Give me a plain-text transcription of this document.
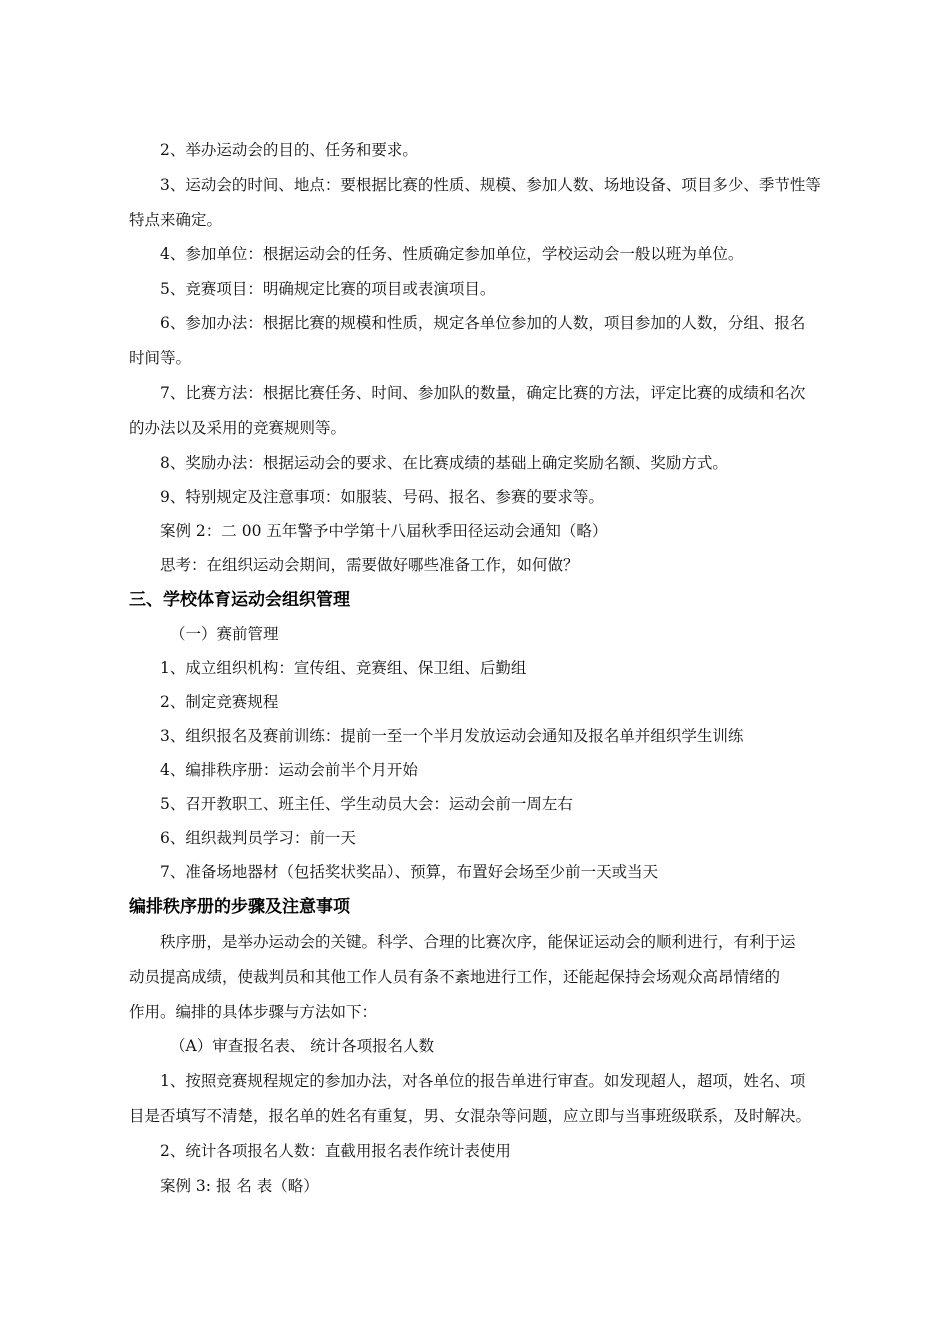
2、举办运动会的目的、任务和要求。
3、运动会的时间、地点：要根据比赛的性质、规模、参加人数、场地设备、项目多少、季节性等
特点来确定。
4、参加单位：根据运动会的任务、性质确定参加单位，学校运动会一般以班为单位。
5、竞赛项目：明确规定比赛的项目或表演项目。
6、参加办法：根据比赛的规模和性质，规定各单位参加的人数，项目参加的人数，分组、报名
时间等。
7、比赛方法：根据比赛任务、时间、参加队的数量，确定比赛的方法，评定比赛的成绩和名次
的办法以及采用的竞赛规则等。
8、奖励办法：根据运动会的要求、在比赛成绩的基础上确定奖励名额、奖励方式。
9、特别规定及注意事项：如服装、号码、报名、参赛的要求等。
案例 2：二 00 五年警予中学第十八届秋季田径运动会通知（略）
思考：在组织运动会期间，需要做好哪些准备工作，如何做？
三、学校体育运动会组织管理
（一）赛前管理
1、成立组织机构：宣传组、竞赛组、保卫组、后勤组
2、制定竞赛规程
3、组织报名及赛前训练：提前一至一个半月发放运动会通知及报名单并组织学生训练
4、编排秩序册：运动会前半个月开始
5、召开教职工、班主任、学生动员大会：运动会前一周左右
6、组织裁判员学习：前一天
7、准备场地器材（包括奖状奖品）、预算，布置好会场至少前一天或当天
编排秩序册的步骤及注意事项
秩序册，是举办运动会的关键。科学、合理的比赛次序，能保证运动会的顺利进行，有利于运
动员提高成绩，使裁判员和其他工作人员有条不紊地进行工作，还能起保持会场观众高昂情绪的
作用。编排的具体步骤与方法如下：
（A）审查报名表、 统计各项报名人数
1、按照竞赛规程规定的参加办法，对各单位的报告单进行审查。如发现超人，超项，姓名、项
目是否填写不清楚，报名单的姓名有重复，男、女混杂等问题，应立即与当事班级联系，及时解决。
2、统计各项报名人数：直截用报名表作统计表使用
案例 3: 报 名 表（略）
